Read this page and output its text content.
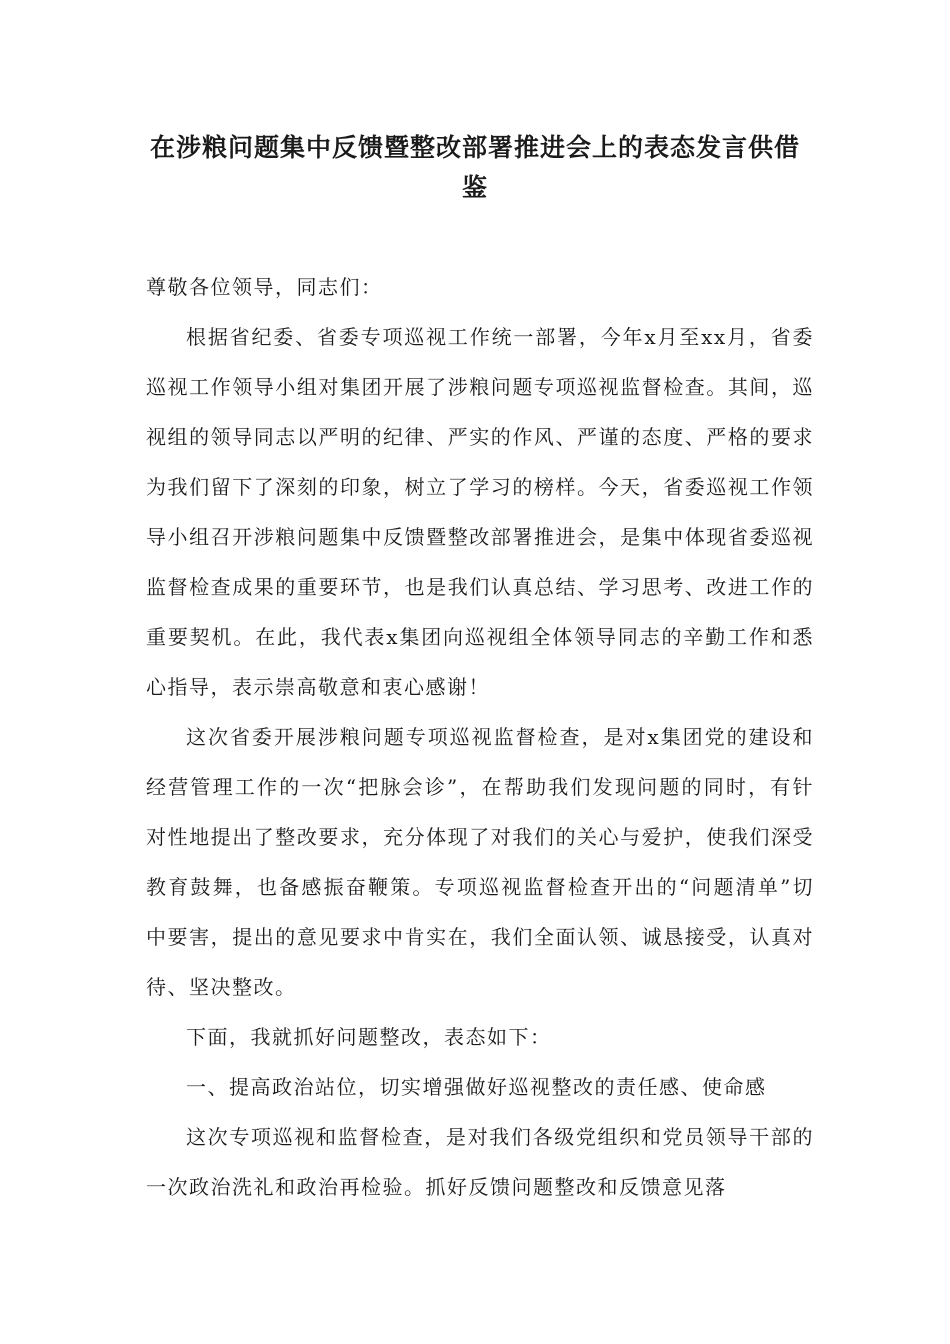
在涉粮问题集中反馈暨整改部署推进会上的表态发言供借鉴

尊敬各位领导，同志们：

根据省纪委、省委专项巡视工作统一部署，今年x月至xx月，省委巡视工作领导小组对集团开展了涉粮问题专项巡视监督检查。其间，巡视组的领导同志以严明的纪律、严实的作风、严谨的态度、严格的要求为我们留下了深刻的印象，树立了学习的榜样。今天，省委巡视工作领导小组召开涉粮问题集中反馈暨整改部署推进会，是集中体现省委巡视监督检查成果的重要环节，也是我们认真总结、学习思考、改进工作的重要契机。在此，我代表x集团向巡视组全体领导同志的辛勤工作和悉心指导，表示崇高敬意和衷心感谢！

这次省委开展涉粮问题专项巡视监督检查，是对x集团党的建设和经营管理工作的一次“把脉会诊”，在帮助我们发现问题的同时，有针对性地提出了整改要求，充分体现了对我们的关心与爱护，使我们深受教育鼓舞，也备感振奋鞭策。专项巡视监督检查开出的“问题清单”切中要害，提出的意见要求中肯实在，我们全面认领、诚恳接受，认真对待、坚决整改。

下面，我就抓好问题整改，表态如下：

一、提高政治站位，切实增强做好巡视整改的责任感、使命感

这次专项巡视和监督检查，是对我们各级党组织和党员领导干部的一次政治洗礼和政治再检验。抓好反馈问题整改和反馈意见落
